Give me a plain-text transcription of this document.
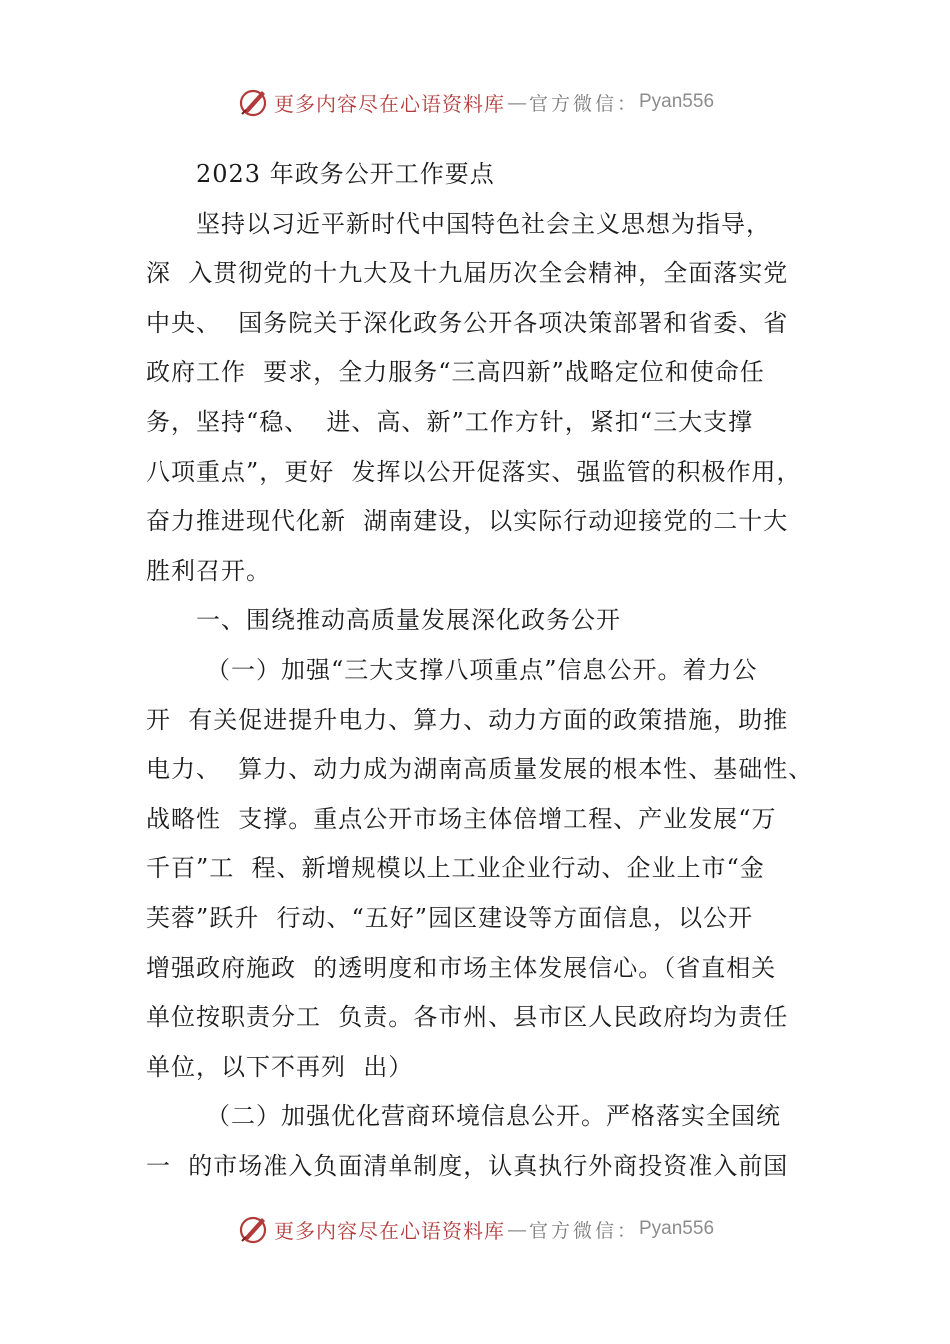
更多内容尽在心语资料库 — 官方微信： Pyan556
2023 年政务公开工作要点
坚持以习近平新时代中国特色社会主义思想为指导，
深  入贯彻党的十九大及十九届历次全会精神，全面落实党
中央、  国务院关于深化政务公开各项决策部署和省委、省
政府工作  要求，全力服务“三高四新”战略定位和使命任
务，坚持“稳、  进、高、新”工作方针，紧扣“三大支撑
八项重点”，更好  发挥以公开促落实、强监管的积极作用，
奋力推进现代化新  湖南建设，以实际行动迎接党的二十大
胜利召开。
一、围绕推动高质量发展深化政务公开
（一）加强“三大支撑八项重点”信息公开。着力公
开  有关促进提升电力、算力、动力方面的政策措施，助推
电力、  算力、动力成为湖南高质量发展的根本性、基础性、
战略性  支撑。重点公开市场主体倍增工程、产业发展“万
千百”工  程、新增规模以上工业企业行动、企业上市“金
芙蓉”跃升  行动、“五好”园区建设等方面信息，以公开
增强政府施政  的透明度和市场主体发展信心。（省直相关
单位按职责分工  负责。各市州、县市区人民政府均为责任
单位，以下不再列  出）
（二）加强优化营商环境信息公开。严格落实全国统
一  的市场准入负面清单制度，认真执行外商投资准入前国
更多内容尽在心语资料库 — 官方微信： Pyan556
